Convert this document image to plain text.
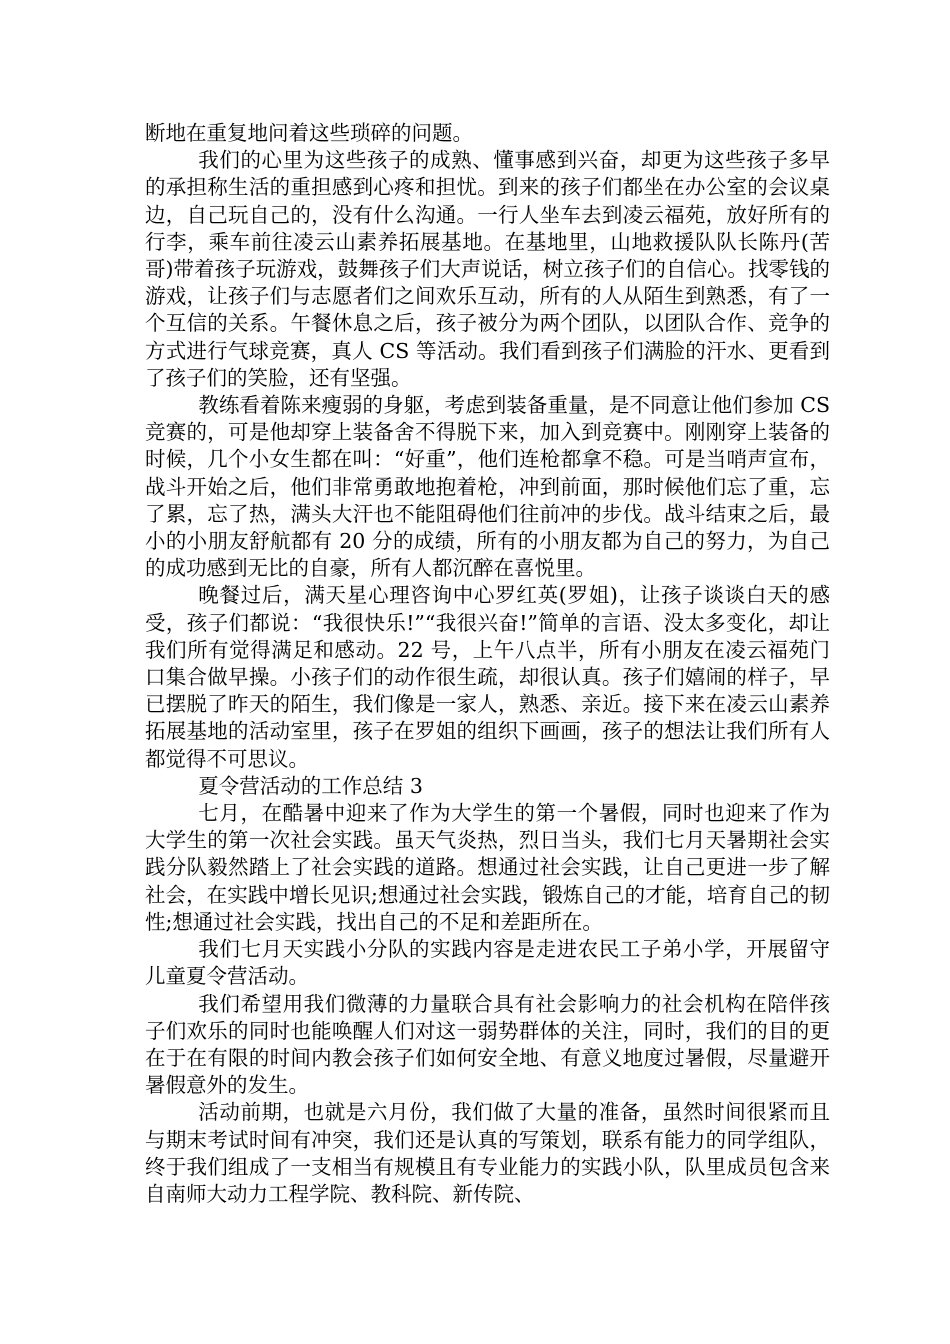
断地在重复地问着这些琐碎的问题。

我们的心里为这些孩子的成熟、懂事感到兴奋，却更为这些孩子多早的承担称生活的重担感到心疼和担忧。到来的孩子们都坐在办公室的会议桌边，自己玩自己的，没有什么沟通。一行人坐车去到凌云福苑，放好所有的行李，乘车前往凌云山素养拓展基地。在基地里，山地救援队队长陈丹(苦哥)带着孩子玩游戏，鼓舞孩子们大声说话，树立孩子们的自信心。找零钱的游戏，让孩子们与志愿者们之间欢乐互动，所有的人从陌生到熟悉，有了一个互信的关系。午餐休息之后，孩子被分为两个团队，以团队合作、竞争的方式进行气球竞赛，真人 CS 等活动。我们看到孩子们满脸的汗水、更看到了孩子们的笑脸，还有坚强。

教练看着陈来瘦弱的身躯，考虑到装备重量，是不同意让他们参加 CS 竞赛的，可是他却穿上装备舍不得脱下来，加入到竞赛中。刚刚穿上装备的时候，几个小女生都在叫：“好重”，他们连枪都拿不稳。可是当哨声宣布，战斗开始之后，他们非常勇敢地抱着枪，冲到前面，那时候他们忘了重，忘了累，忘了热，满头大汗也不能阻碍他们往前冲的步伐。战斗结束之后，最小的小朋友舒航都有 20 分的成绩，所有的小朋友都为自己的努力，为自己的成功感到无比的自豪，所有人都沉醉在喜悦里。

晚餐过后，满天星心理咨询中心罗红英(罗姐)，让孩子谈谈白天的感受，孩子们都说：“我很快乐!”“我很兴奋!”简单的言语、没太多变化，却让我们所有觉得满足和感动。22 号，上午八点半，所有小朋友在凌云福苑门口集合做早操。小孩子们的动作很生疏，却很认真。孩子们嬉闹的样子，早已摆脱了昨天的陌生，我们像是一家人，熟悉、亲近。接下来在凌云山素养拓展基地的活动室里，孩子在罗姐的组织下画画，孩子的想法让我们所有人都觉得不可思议。

夏令营活动的工作总结 3

七月，在酷暑中迎来了作为大学生的第一个暑假，同时也迎来了作为大学生的第一次社会实践。虽天气炎热，烈日当头，我们七月天暑期社会实践分队毅然踏上了社会实践的道路。想通过社会实践，让自己更进一步了解社会，在实践中增长见识;想通过社会实践，锻炼自己的才能，培育自己的韧性;想通过社会实践，找出自己的不足和差距所在。

我们七月天实践小分队的实践内容是走进农民工子弟小学，开展留守儿童夏令营活动。

我们希望用我们微薄的力量联合具有社会影响力的社会机构在陪伴孩子们欢乐的同时也能唤醒人们对这一弱势群体的关注，同时，我们的目的更在于在有限的时间内教会孩子们如何安全地、有意义地度过暑假，尽量避开暑假意外的发生。

活动前期，也就是六月份，我们做了大量的准备，虽然时间很紧而且与期末考试时间有冲突，我们还是认真的写策划，联系有能力的同学组队，终于我们组成了一支相当有规模且有专业能力的实践小队，队里成员包含来自南师大动力工程学院、教科院、新传院、
